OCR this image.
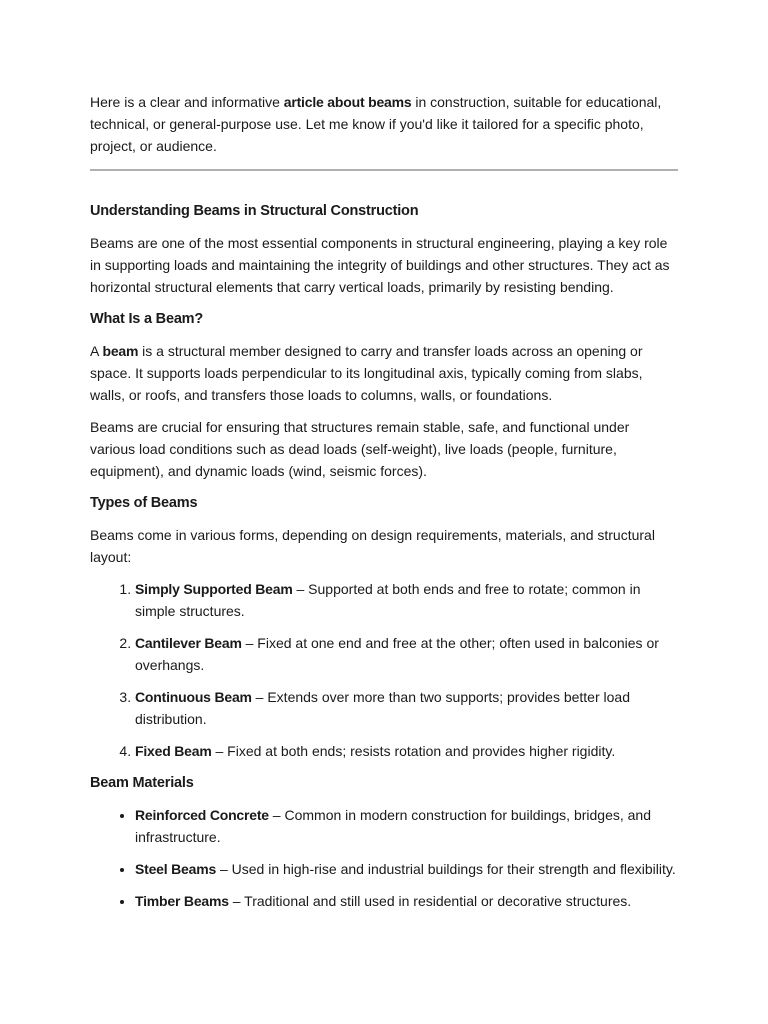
Here is a clear and informative article about beams in construction, suitable for educational, technical, or general-purpose use. Let me know if you'd like it tailored for a specific photo, project, or audience.

Understanding Beams in Structural Construction

Beams are one of the most essential components in structural engineering, playing a key role in supporting loads and maintaining the integrity of buildings and other structures. They act as horizontal structural elements that carry vertical loads, primarily by resisting bending.

What Is a Beam?

A beam is a structural member designed to carry and transfer loads across an opening or space. It supports loads perpendicular to its longitudinal axis, typically coming from slabs, walls, or roofs, and transfers those loads to columns, walls, or foundations.

Beams are crucial for ensuring that structures remain stable, safe, and functional under various load conditions such as dead loads (self-weight), live loads (people, furniture, equipment), and dynamic loads (wind, seismic forces).

Types of Beams

Beams come in various forms, depending on design requirements, materials, and structural layout:

1. Simply Supported Beam – Supported at both ends and free to rotate; common in simple structures.
2. Cantilever Beam – Fixed at one end and free at the other; often used in balconies or overhangs.
3. Continuous Beam – Extends over more than two supports; provides better load distribution.
4. Fixed Beam – Fixed at both ends; resists rotation and provides higher rigidity.
Beam Materials
• Reinforced Concrete – Common in modern construction for buildings, bridges, and infrastructure.
• Steel Beams – Used in high-rise and industrial buildings for their strength and flexibility.
• Timber Beams – Traditional and still used in residential or decorative structures.
